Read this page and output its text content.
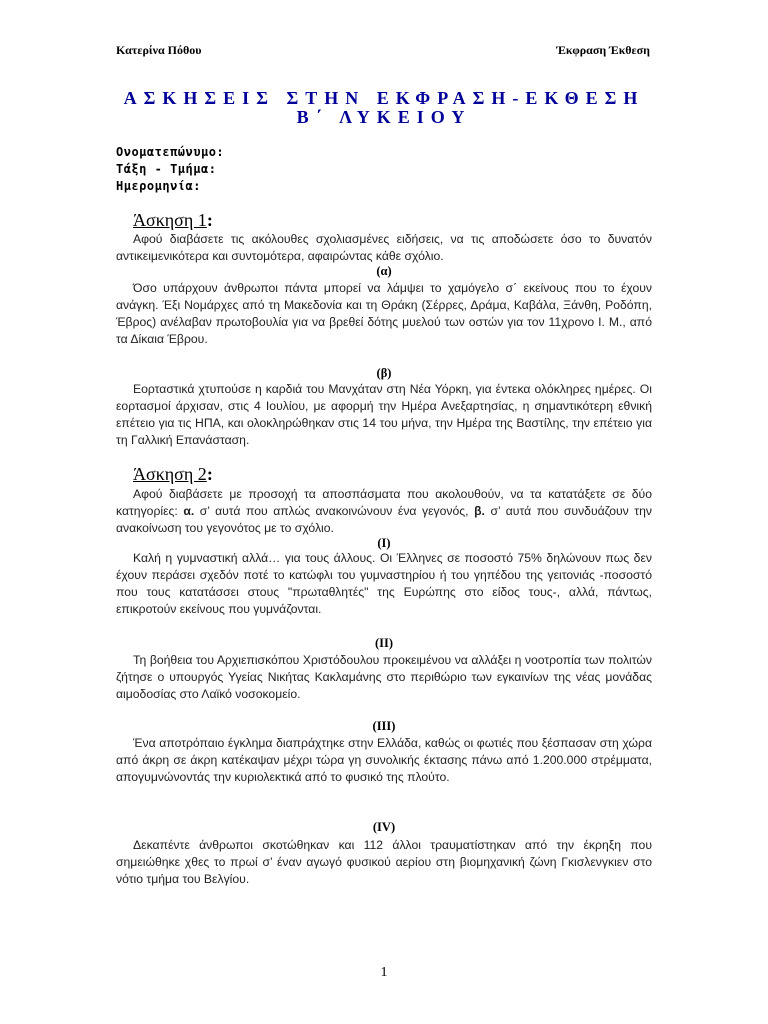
Κατερίνα Πόθου	Έκφραση Έκθεση
ΑΣΚΗΣΕΙΣ ΣΤΗΝ ΕΚΦΡΑΣΗ-ΕΚΘΕΣΗ
Β΄ ΛΥΚΕΙΟΥ
Ονοματεπώνυμο:
Τάξη - Τμήμα:
Ημερομηνία:
Άσκηση 1:

Αφού διαβάσετε τις ακόλουθες σχολιασμένες ειδήσεις, να τις αποδώσετε όσο το δυνατόν αντικειμενικότερα και συντομότερα, αφαιρώντας κάθε σχόλιο.

(α)

Όσο υπάρχουν άνθρωποι πάντα μπορεί να λάμψει το χαμόγελο σ΄ εκείνους που το έχουν ανάγκη. Έξι Νομάρχες από τη Μακεδονία και τη Θράκη (Σέρρες, Δράμα, Καβάλα, Ξάνθη, Ροδόπη, Έβρος) ανέλαβαν πρωτοβουλία για να βρεθεί δότης μυελού των οστών για τον 11χρονο Ι. Μ., από τα Δίκαια Έβρου.

(β)

Εορταστικά χτυπούσε η καρδιά του Μανχάταν στη Νέα Υόρκη, για έντεκα ολόκληρες ημέρες. Οι εορτασμοί άρχισαν, στις 4 Ιουλίου, με αφορμή την Ημέρα Ανεξαρτησίας, η σημαντικότερη εθνική επέτειο για τις ΗΠΑ, και ολοκληρώθηκαν στις 14 του μήνα, την Ημέρα της Βαστίλης, την επέτειο για τη Γαλλική Επανάσταση.

Άσκηση 2:

Αφού διαβάσετε με προσοχή τα αποσπάσματα που ακολουθούν, να τα κατατάξετε σε δύο κατηγορίες: α. σ’ αυτά που απλώς ανακοινώνουν ένα γεγονός, β. σ’ αυτά που συνδυάζουν την ανακοίνωση του γεγονότος με το σχόλιο.

(I)

Καλή η γυμναστική αλλά… για τους άλλους. Οι Έλληνες σε ποσοστό 75% δηλώνουν πως δεν έχουν περάσει σχεδόν ποτέ το κατώφλι του γυμναστηρίου ή του γηπέδου της γειτονιάς -ποσοστό που τους κατατάσσει στους "πρωταθλητές" της Ευρώπης στο είδος τους-, αλλά, πάντως, επικροτούν εκείνους που γυμνάζονται.

(II)

Τη βοήθεια του Αρχιεπισκόπου Χριστόδουλου προκειμένου να αλλάξει η νοοτροπία των πολιτών ζήτησε ο υπουργός Υγείας Νικήτας Κακλαμάνης στο περιθώριο των εγκαινίων της νέας μονάδας αιμοδοσίας στο Λαϊκό νοσοκομείο.

(III)

Ένα αποτρόπαιο έγκλημα διαπράχτηκε στην Ελλάδα, καθώς οι φωτιές που ξέσπασαν στη χώρα από άκρη σε άκρη κατέκαψαν μέχρι τώρα γη συνολικής έκτασης πάνω από 1.200.000 στρέμματα, απογυμνώνοντάς την κυριολεκτικά από το φυσικό της πλούτο.

(IV)

Δεκαπέντε άνθρωποι σκοτώθηκαν και 112 άλλοι τραυματίστηκαν από την έκρηξη που σημειώθηκε χθες το πρωί σ’ έναν αγωγό φυσικού αερίου στη βιομηχανική ζώνη Γκισλενγκιεν στο νότιο τμήμα του Βελγίου.

1
